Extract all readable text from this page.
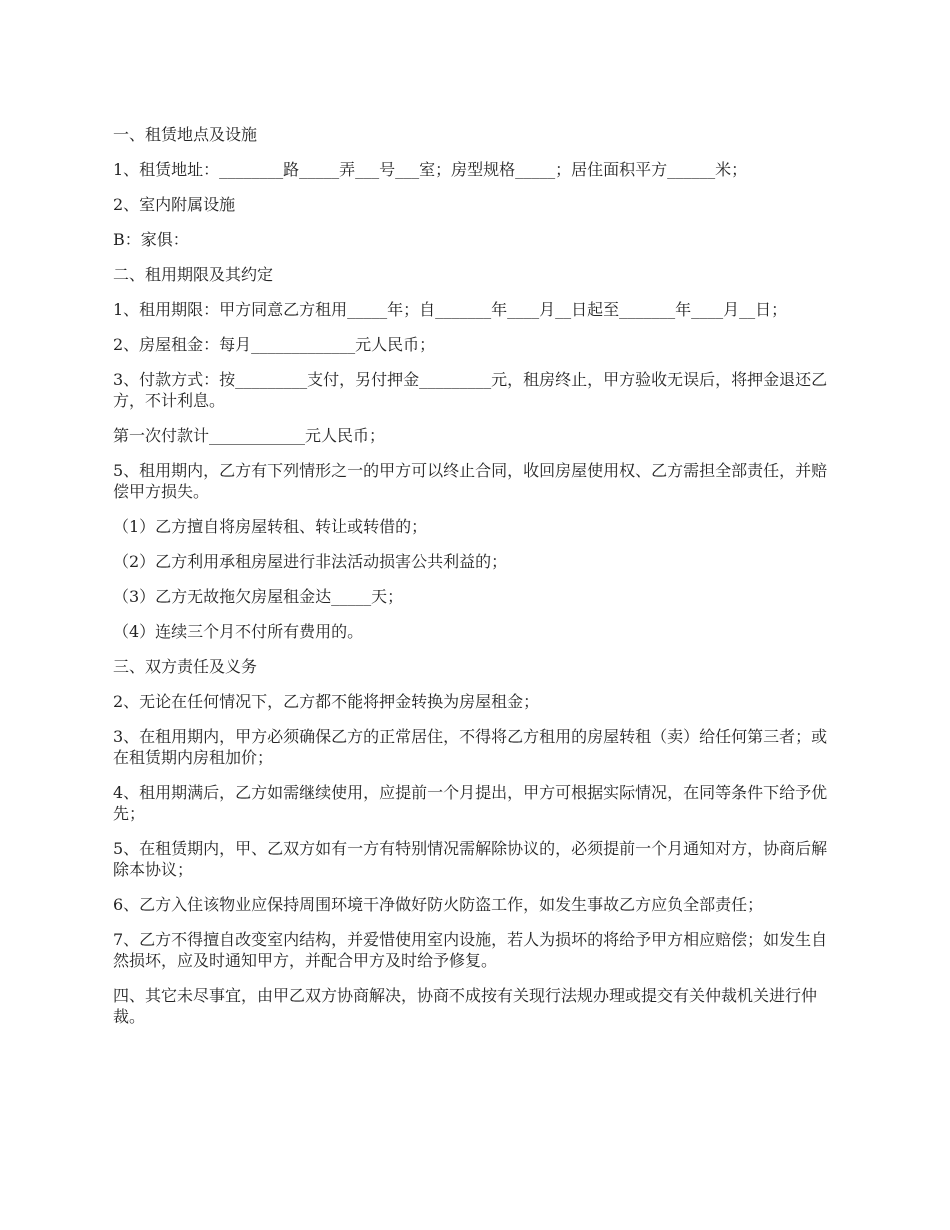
一、租赁地点及设施

1、租赁地址：________路_____弄___号___室；房型规格_____；居住面积平方______米；

2、室内附属设施

B：家俱：

二、租用期限及其约定

1、租用期限：甲方同意乙方租用_____年；自_______年____月__日起至_______年____月__日；

2、房屋租金：每月_____________元人民币；

3、付款方式：按_________支付，另付押金_________元，租房终止，甲方验收无误后，将押金退还乙方，不计利息。

第一次付款计____________元人民币；

5、租用期内，乙方有下列情形之一的甲方可以终止合同，收回房屋使用权、乙方需担全部责任，并赔偿甲方损失。

（1）乙方擅自将房屋转租、转让或转借的；

（2）乙方利用承租房屋进行非法活动损害公共利益的；

（3）乙方无故拖欠房屋租金达_____天；

（4）连续三个月不付所有费用的。

三、双方责任及义务

2、无论在任何情况下，乙方都不能将押金转换为房屋租金；

3、在租用期内，甲方必须确保乙方的正常居住，不得将乙方租用的房屋转租（卖）给任何第三者；或在租赁期内房租加价；

4、租用期满后，乙方如需继续使用，应提前一个月提出，甲方可根据实际情况，在同等条件下给予优先；

5、在租赁期内，甲、乙双方如有一方有特别情况需解除协议的，必须提前一个月通知对方，协商后解除本协议；

6、乙方入住该物业应保持周围环境干净做好防火防盗工作，如发生事故乙方应负全部责任；

7、乙方不得擅自改变室内结构，并爱惜使用室内设施，若人为损坏的将给予甲方相应赔偿；如发生自然损坏，应及时通知甲方，并配合甲方及时给予修复。

四、其它未尽事宜，由甲乙双方协商解决，协商不成按有关现行法规办理或提交有关仲裁机关进行仲裁。
